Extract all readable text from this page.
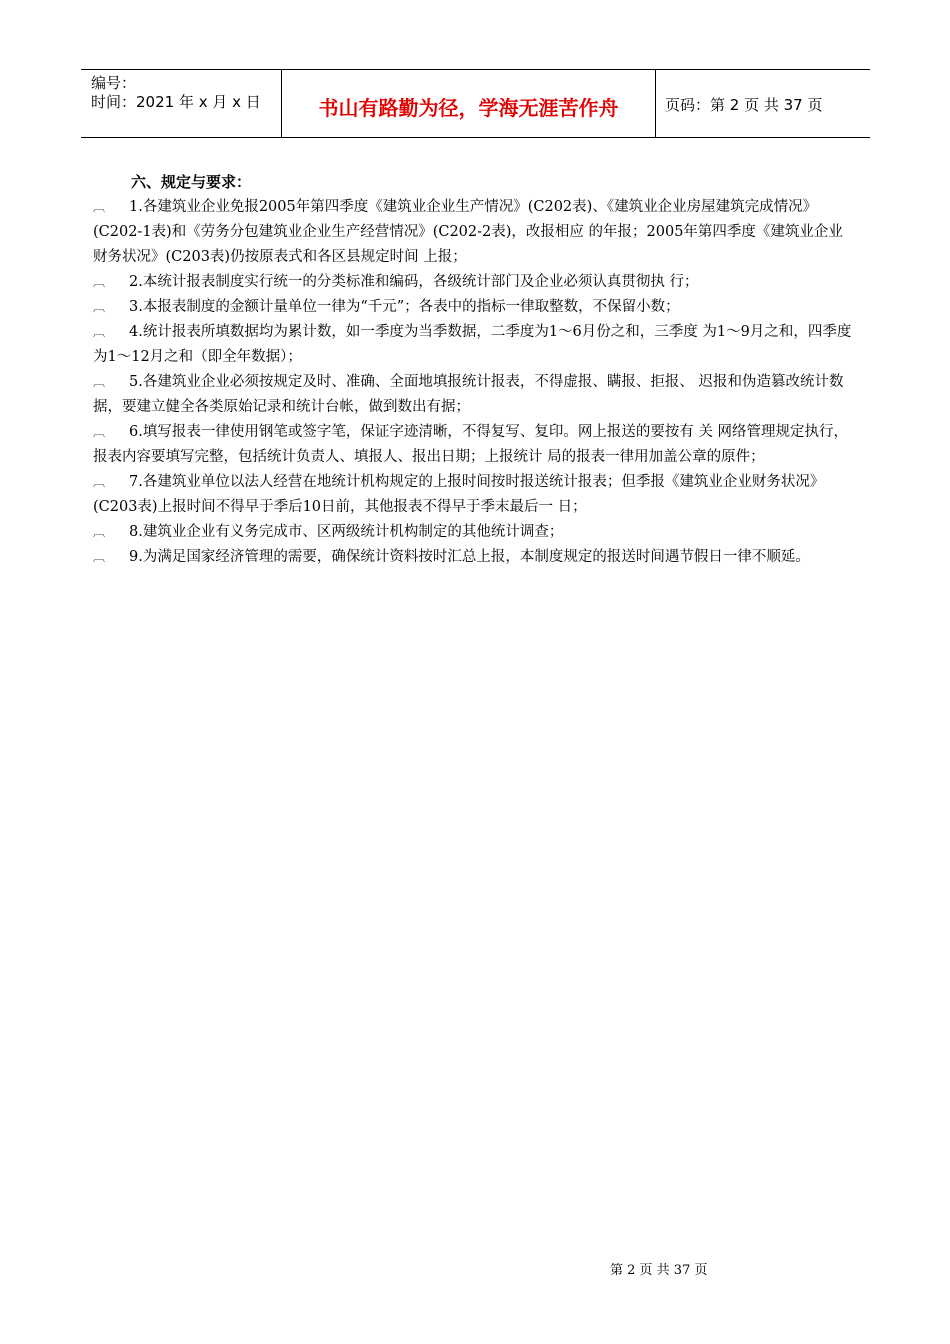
编号：
时间：2021 年 x 月 x 日	书山有路勤为径，学海无涯苦作舟	页码：第 2 页 共 37 页
六、规定与要求：
︹ 1.各建筑业企业免报2005年第四季度《建筑业企业生产情况》(C202表)、《建筑业企业房屋建筑完成情况》(C202-1表)和《劳务分包建筑业企业生产经营情况》(C202-2表)，改报相应 的年报；2005年第四季度《建筑业企业财务状况》(C203表)仍按原表式和各区县规定时间 上报；
︹ 2.本统计报表制度实行统一的分类标准和编码，各级统计部门及企业必须认真贯彻执 行；
︹ 3.本报表制度的金额计量单位一律为“千元”；各表中的指标一律取整数，不保留小数；
︹ 4.统计报表所填数据均为累计数，如一季度为当季数据，二季度为1～6月份之和，三季度 为1～9月之和，四季度为1～12月之和（即全年数据）；
︹ 5.各建筑业企业必须按规定及时、准确、全面地填报统计报表，不得虚报、瞒报、拒报、 迟报和伪造篡改统计数据，要建立健全各类原始记录和统计台帐，做到数出有据；
︹ 6.填写报表一律使用钢笔或签字笔，保证字迹清晰，不得复写、复印。网上报送的要按有 关 网络管理规定执行，报表内容要填写完整，包括统计负责人、填报人、报出日期；上报统计 局的报表一律用加盖公章的原件；
︹ 7.各建筑业单位以法人经营在地统计机构规定的上报时间按时报送统计报表；但季报《建筑业企业财务状况》(C203表)上报时间不得早于季后10日前，其他报表不得早于季末最后一 日；
︹ 8.建筑业企业有义务完成市、区两级统计机构制定的其他统计调查；
︹ 9.为满足国家经济管理的需要，确保统计资料按时汇总上报，本制度规定的报送时间遇节假日一律不顺延。
第 2 页 共 37 页
